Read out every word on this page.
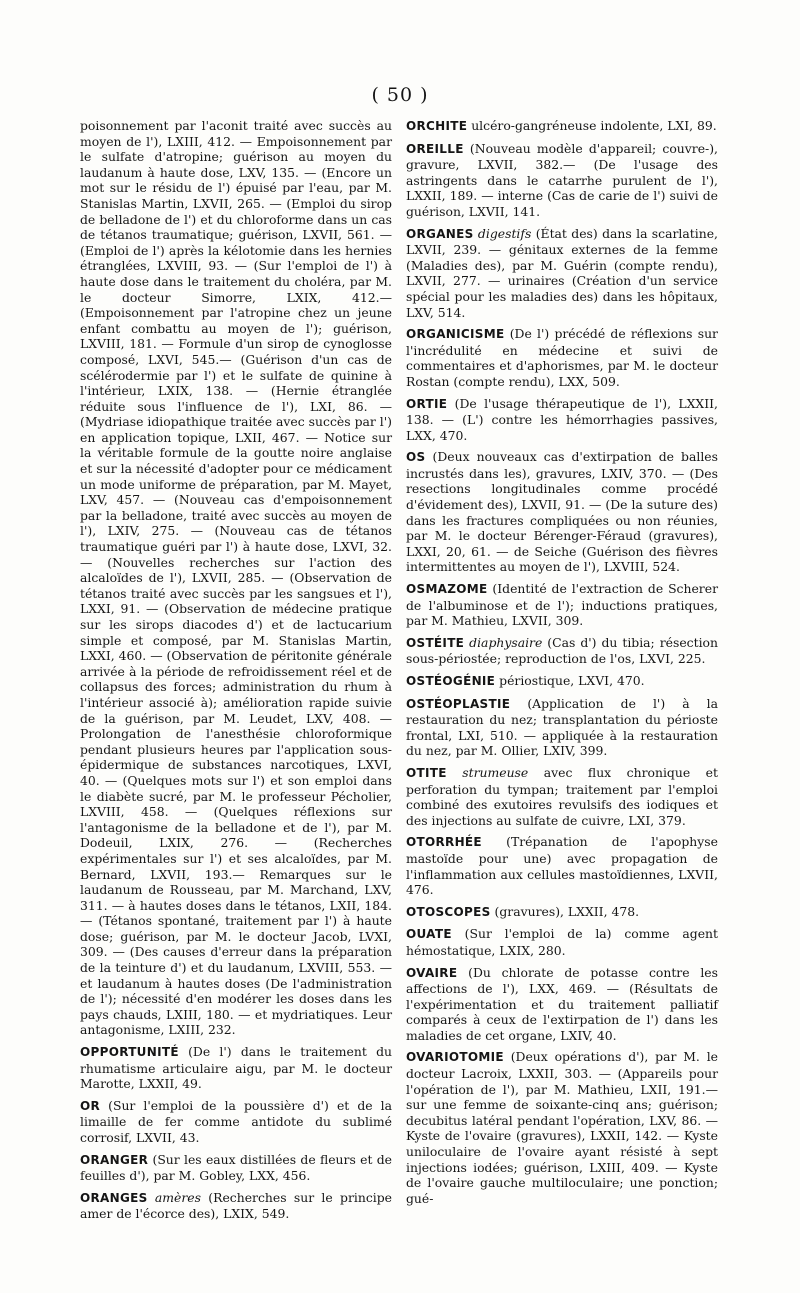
( 50 )

poisonnement par l'aconit traité avec succès au moyen de l'), LXIII, 412. — Empoisonnement par le sulfate d'atropine; guérison au moyen du laudanum à haute dose, LXV, 135. — (Encore un mot sur le résidu de l') épuisé par l'eau, par M. Stanislas Martin, LXVII, 265. — (Emploi du sirop de belladone de l') et du chloroforme dans un cas de tétanos traumatique; guérison, LXVII, 561. — (Emploi de l') après la kélotomie dans les hernies étranglées, LXVIII, 93. — (Sur l'emploi de l') à haute dose dans le traitement du choléra, par M. le docteur Simorre, LXIX, 412.— (Empoisonnement par l'atropine chez un jeune enfant combattu au moyen de l'); guérison, LXVIII, 181. — Formule d'un sirop de cynoglosse composé, LXVI, 545.— (Guérison d'un cas de scélérodermie par l') et le sulfate de quinine à l'intérieur, LXIX, 138. — (Hernie étranglée réduite sous l'influence de l'), LXI, 86. — (Mydriase idiopathique traitée avec succès par l') en application topique, LXII, 467. — Notice sur la véritable formule de la goutte noire anglaise et sur la nécessité d'adopter pour ce médicament un mode uniforme de préparation, par M. Mayet, LXV, 457. — (Nouveau cas d'empoisonnement par la belladone, traité avec succès au moyen de l'), LXIV, 275. — (Nouveau cas de tétanos traumatique guéri par l') à haute dose, LXVI, 32. — (Nouvelles recherches sur l'action des alcaloïdes de l'), LXVII, 285. — (Observation de tétanos traité avec succès par les sangsues et l'), LXXI, 91. — (Observation de médecine pratique sur les sirops diacodes d') et de lactucarium simple et composé, par M. Stanislas Martin, LXXI, 460. — (Observation de péritonite générale arrivée à la période de refroidissement réel et de collapsus des forces; administration du rhum à l'intérieur associé à); amélioration rapide suivie de la guérison, par M. Leudet, LXV, 408. — Prolongation de l'anesthésie chloroformique pendant plusieurs heures par l'application sous-épidermique de substances narcotiques, LXVI, 40. — (Quelques mots sur l') et son emploi dans le diabète sucré, par M. le professeur Pécholier, LXVIII, 458. — (Quelques réflexions sur l'antagonisme de la belladone et de l'), par M. Dodeuil, LXIX, 276. — (Recherches expérimentales sur l') et ses alcaloïdes, par M. Bernard, LXVII, 193.— Remarques sur le laudanum de Rousseau, par M. Marchand, LXV, 311. — à hautes doses dans le tétanos, LXII, 184. — (Tétanos spontané, traitement par l') à haute dose; guérison, par M. le docteur Jacob, LVXI, 309. — (Des causes d'erreur dans la préparation de la teinture d') et du laudanum, LXVIII, 553. — et laudanum à hautes doses (De l'administration de l'); nécessité d'en modérer les doses dans les pays chauds, LXIII, 180. — et mydriatiques. Leur antagonisme, LXIII, 232.

OPPORTUNITÉ (De l') dans le traitement du rhumatisme articulaire aigu, par M. le docteur Marotte, LXXII, 49.

OR (Sur l'emploi de la poussière d') et de la limaille de fer comme antidote du sublimé corrosif, LXVII, 43.

ORANGER (Sur les eaux distillées de fleurs et de feuilles d'), par M. Gobley, LXX, 456.

ORANGES amères (Recherches sur le principe amer de l'écorce des), LXIX, 549.

ORCHITE ulcéro-gangréneuse indolente, LXI, 89.

OREILLE (Nouveau modèle d'appareil; couvre-), gravure, LXVII, 382.— (De l'usage des astringents dans le catarrhe purulent de l'), LXXII, 189. — interne (Cas de carie de l') suivi de guérison, LXVII, 141.

ORGANES digestifs (État des) dans la scarlatine, LXVII, 239. — génitaux externes de la femme (Maladies des), par M. Guérin (compte rendu), LXVII, 277. — urinaires (Création d'un service spécial pour les maladies des) dans les hôpitaux, LXV, 514.

ORGANICISME (De l') précédé de réflexions sur l'incrédulité en médecine et suivi de commentaires et d'aphorismes, par M. le docteur Rostan (compte rendu), LXX, 509.

ORTIE (De l'usage thérapeutique de l'), LXXII, 138. — (L') contre les hémorrhagies passives, LXX, 470.

OS (Deux nouveaux cas d'extirpation de balles incrustés dans les), gravures, LXIV, 370. — (Des resections longitudinales comme procédé d'évidement des), LXVII, 91. — (De la suture des) dans les fractures compliquées ou non réunies, par M. le docteur Bérenger-Féraud (gravures), LXXI, 20, 61. — de Seiche (Guérison des fièvres intermittentes au moyen de l'), LXVIII, 524.

OSMAZOME (Identité de l'extraction de Scherer de l'albuminose et de l'); inductions pratiques, par M. Mathieu, LXVII, 309.

OSTÉITE diaphysaire (Cas d') du tibia; résection sous-périostée; reproduction de l'os, LXVI, 225.

OSTÉOGÉNIE périostique, LXVI, 470.

OSTÉOPLASTIE (Application de l') à la restauration du nez; transplantation du périoste frontal, LXI, 510. — appliquée à la restauration du nez, par M. Ollier, LXIV, 399.

OTITE strumeuse avec flux chronique et perforation du tympan; traitement par l'emploi combiné des exutoires revulsifs des iodiques et des injections au sulfate de cuivre, LXI, 379.

OTORRHÉE (Trépanation de l'apophyse mastoïde pour une) avec propagation de l'inflammation aux cellules mastoïdiennes, LXVII, 476.

OTOSCOPES (gravures), LXXII, 478.

OUATE (Sur l'emploi de la) comme agent hémostatique, LXIX, 280.

OVAIRE (Du chlorate de potasse contre les affections de l'), LXX, 469. — (Résultats de l'expérimentation et du traitement palliatif comparés à ceux de l'extirpation de l') dans les maladies de cet organe, LXIV, 40.

OVARIOTOMIE (Deux opérations d'), par M. le docteur Lacroix, LXXII, 303. — (Appareils pour l'opération de l'), par M. Mathieu, LXII, 191.— sur une femme de soixante-cinq ans; guérison; decubitus latéral pendant l'opération, LXV, 86. — Kyste de l'ovaire (gravures), LXXII, 142. — Kyste uniloculaire de l'ovaire ayant résisté à sept injections iodées; guérison, LXIII, 409. — Kyste de l'ovaire gauche multiloculaire; une ponction; gué-
